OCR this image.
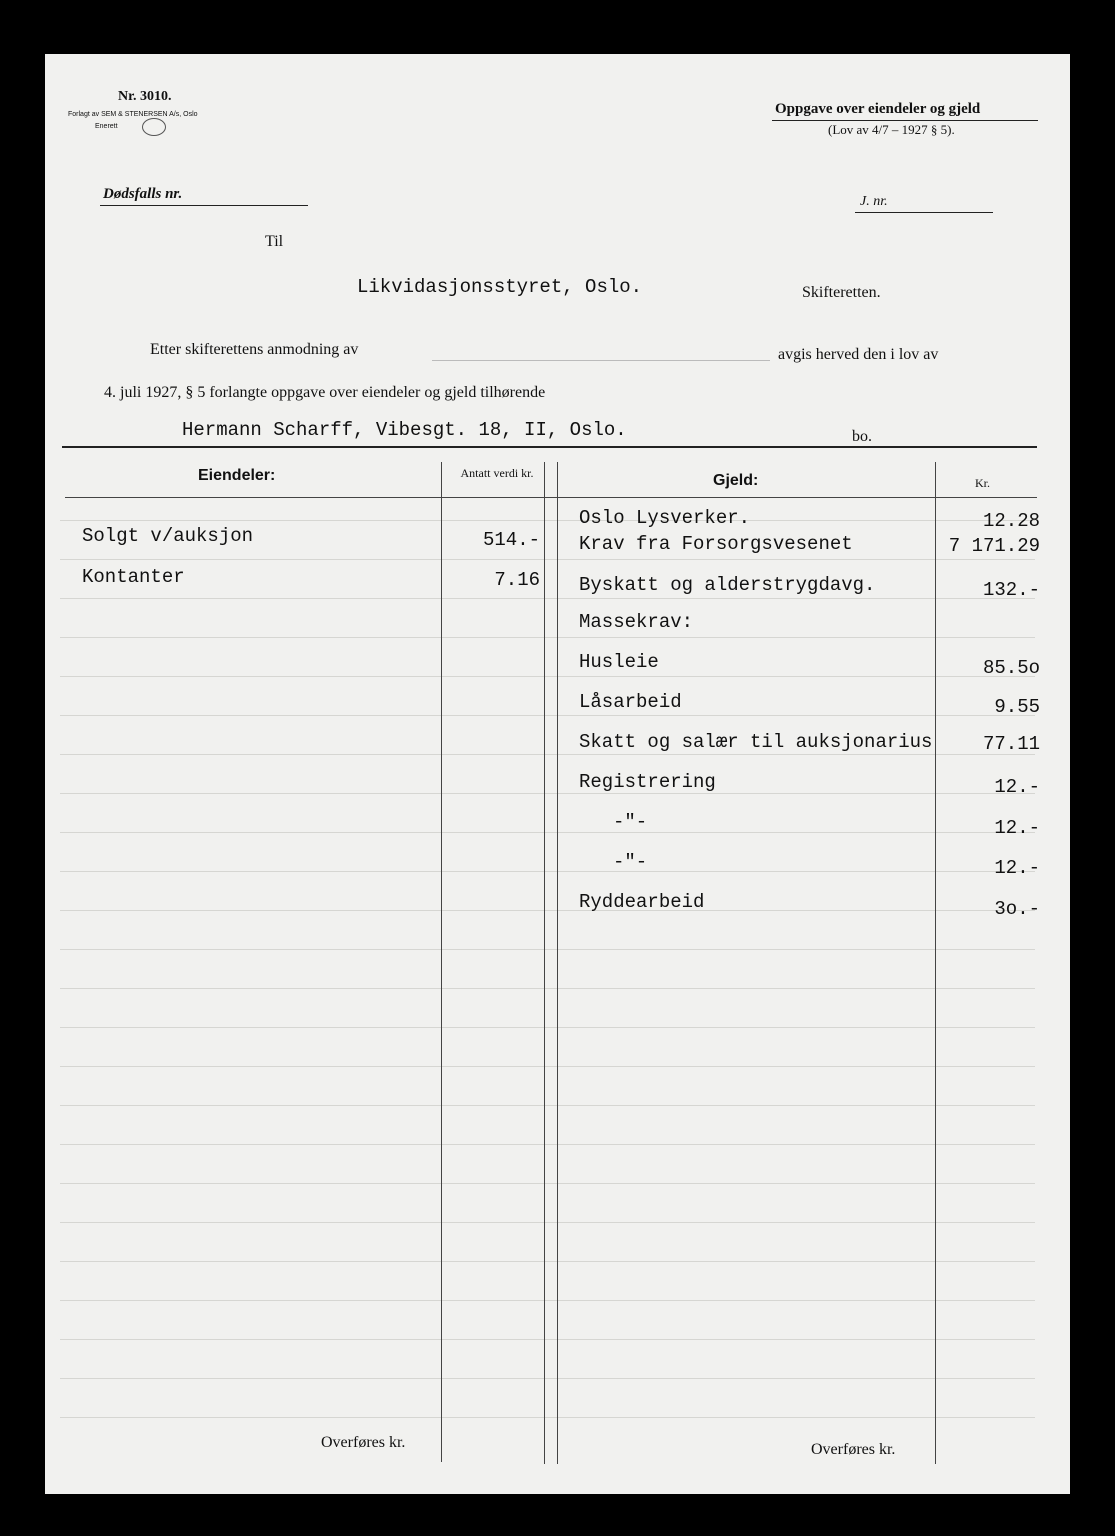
Nr. 3010.
Forlagt av SEM & STENERSEN A/s, Oslo
Enerett
Oppgave over eiendeler og gjeld
(Lov av 4/7 – 1927 § 5).
Dødsfalls nr.	J. nr.
Til
Likvidasjonsstyret, Oslo.	Skifteretten.
Etter skifterettens anmodning av	avgis herved den i lov av
4. juli 1927, § 5 forlangte oppgave over eiendeler og gjeld tilhørende
Hermann Scharff, Vibesgt. 18, II, Oslo.	bo.
Eiendeler:	Antatt verdi kr.	Gjeld:	Kr.
Solgt v/auksjon	514.-
Kontanter	7.16
Oslo Lysverker.	12.28
Krav fra Forsorgsvesenet	7 171.29
Byskatt og alderstrygdavg.	132.-
Massekrav:
Husleie	85.5o
Låsarbeid	9.55
Skatt og salær til auksjonarius	77.11
Registrering	12.-
-"-	12.-
-"-	12.-
Ryddearbeid	3o.-
Overføres kr.	Overføres kr.
